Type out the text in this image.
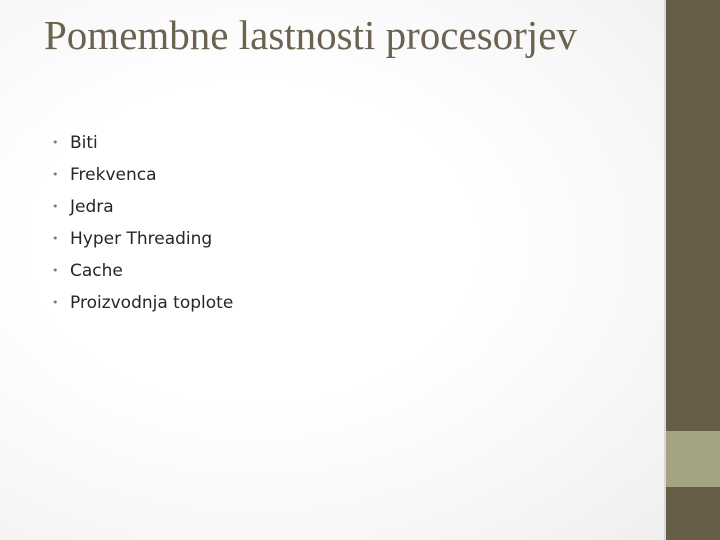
Pomembne lastnosti procesorjev
• Biti
• Frekvenca
• Jedra
• Hyper Threading
• Cache
• Proizvodnja toplote
